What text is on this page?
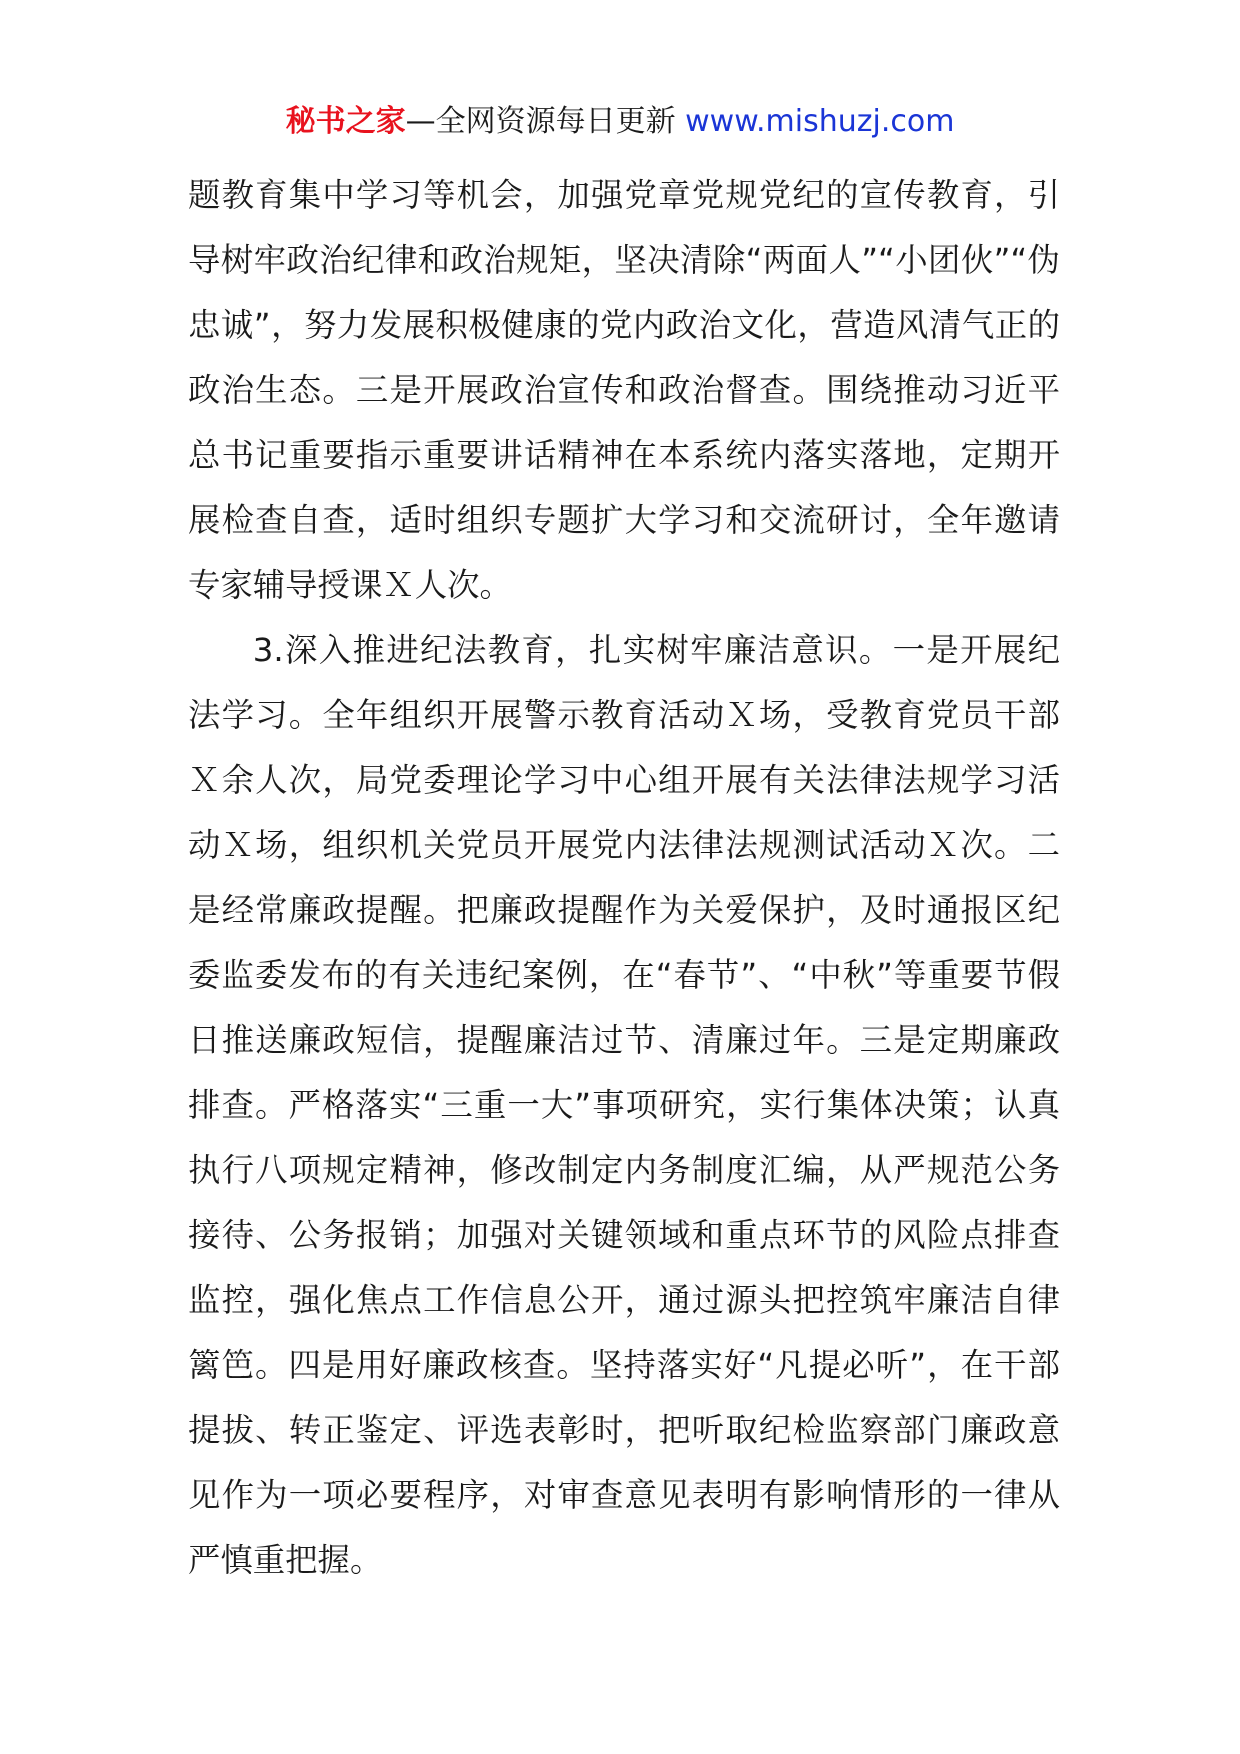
秘书之家—全网资源每日更新 www.mishuzj.com

题教育集中学习等机会，加强党章党规党纪的宣传教育，引导树牢政治纪律和政治规矩，坚决清除“两面人”“小团伙”“伪忠诚”，努力发展积极健康的党内政治文化，营造风清气正的政治生态。三是开展政治宣传和政治督查。围绕推动习近平总书记重要指示重要讲话精神在本系统内落实落地，定期开展检查自查，适时组织专题扩大学习和交流研讨，全年邀请专家辅导授课Ｘ人次。

3.深入推进纪法教育，扎实树牢廉洁意识。一是开展纪法学习。全年组织开展警示教育活动Ｘ场，受教育党员干部Ｘ余人次，局党委理论学习中心组开展有关法律法规学习活动Ｘ场，组织机关党员开展党内法律法规测试活动Ｘ次。二是经常廉政提醒。把廉政提醒作为关爱保护，及时通报区纪委监委发布的有关违纪案例，在“春节”、“中秋”等重要节假日推送廉政短信，提醒廉洁过节、清廉过年。三是定期廉政排查。严格落实“三重一大”事项研究，实行集体决策；认真执行八项规定精神，修改制定内务制度汇编，从严规范公务接待、公务报销；加强对关键领域和重点环节的风险点排查监控，强化焦点工作信息公开，通过源头把控筑牢廉洁自律篱笆。四是用好廉政核查。坚持落实好“凡提必听”，在干部提拔、转正鉴定、评选表彰时，把听取纪检监察部门廉政意见作为一项必要程序，对审查意见表明有影响情形的一律从严慎重把握。
